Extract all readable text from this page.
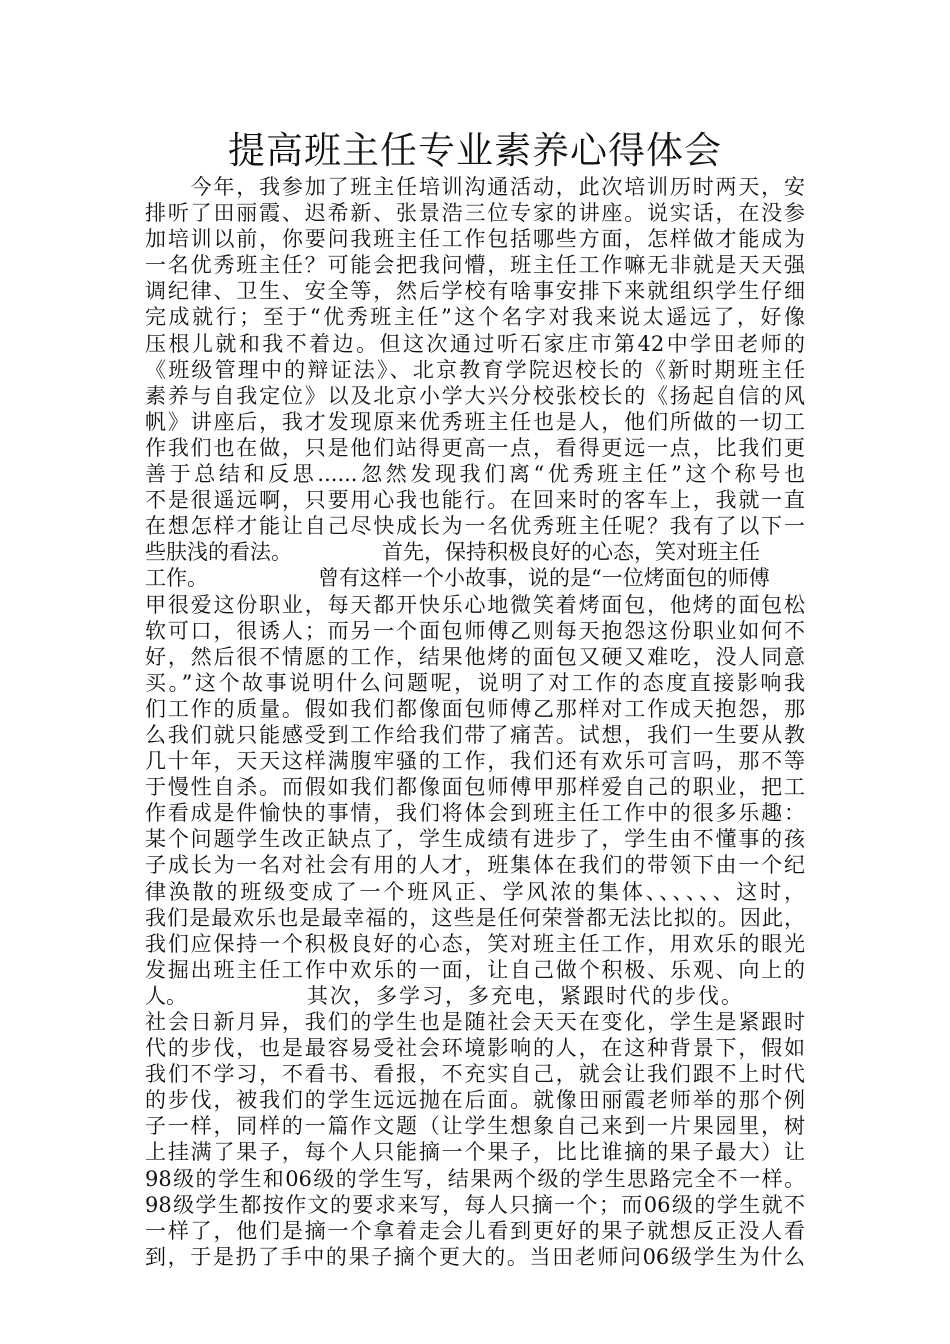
提高班主任专业素养心得体会
　　今年，我参加了班主任培训沟通活动，此次培训历时两天，安
排听了田丽霞、迟希新、张景浩三位专家的讲座。说实话，在没参
加培训以前，你要问我班主任工作包括哪些方面，怎样做才能成为
一名优秀班主任？可能会把我问懵，班主任工作嘛无非就是天天强
调纪律、卫生、安全等，然后学校有啥事安排下来就组织学生仔细
完成就行；至于“优秀班主任”这个名字对我来说太遥远了，好像
压根儿就和我不着边。但这次通过听石家庄市第42中学田老师的
《班级管理中的辩证法》、北京教育学院迟校长的《新时期班主任
素养与自我定位》以及北京小学大兴分校张校长的《扬起自信的风
帆》讲座后，我才发现原来优秀班主任也是人，他们所做的一切工
作我们也在做，只是他们站得更高一点，看得更远一点，比我们更
善于总结和反思......忽然发现我们离“优秀班主任”这个称号也
不是很遥远啊，只要用心我也能行。在回来时的客车上，我就一直
在想怎样才能让自己尽快成长为一名优秀班主任呢？我有了以下一
些肤浅的看法。	首先，保持积极良好的心态，笑对班主任
工作。	曾有这样一个小故事，说的是“一位烤面包的师傅
甲很爱这份职业，每天都开快乐心地微笑着烤面包，他烤的面包松
软可口，很诱人；而另一个面包师傅乙则每天抱怨这份职业如何不
好，然后很不情愿的工作，结果他烤的面包又硬又难吃，没人同意
买。”这个故事说明什么问题呢，说明了对工作的态度直接影响我
们工作的质量。假如我们都像面包师傅乙那样对工作成天抱怨，那
么我们就只能感受到工作给我们带了痛苦。试想，我们一生要从教
几十年，天天这样满腹牢骚的工作，我们还有欢乐可言吗，那不等
于慢性自杀。而假如我们都像面包师傅甲那样爱自己的职业，把工
作看成是件愉快的事情，我们将体会到班主任工作中的很多乐趣：
某个问题学生改正缺点了，学生成绩有进步了，学生由不懂事的孩
子成长为一名对社会有用的人才，班集体在我们的带领下由一个纪
律涣散的班级变成了一个班风正、学风浓的集体、、、、、、这时，
我们是最欢乐也是最幸福的，这些是任何荣誉都无法比拟的。因此，
我们应保持一个积极良好的心态，笑对班主任工作，用欢乐的眼光
发掘出班主任工作中欢乐的一面，让自己做个积极、乐观、向上的
人。	其次，多学习，多充电，紧跟时代的步伐。
社会日新月异，我们的学生也是随社会天天在变化，学生是紧跟时
代的步伐，也是最容易受社会环境影响的人，在这种背景下，假如
我们不学习，不看书、看报，不充实自己，就会让我们跟不上时代
的步伐，被我们的学生远远抛在后面。就像田丽霞老师举的那个例
子一样，同样的一篇作文题（让学生想象自己来到一片果园里，树
上挂满了果子，每个人只能摘一个果子，比比谁摘的果子最大）让
98级的学生和06级的学生写，结果两个级的学生思路完全不一样。
98级学生都按作文的要求来写，每人只摘一个；而06级的学生就不
一样了，他们是摘一个拿着走会儿看到更好的果子就想反正没人看
到，于是扔了手中的果子摘个更大的。当田老师问06级学生为什么
